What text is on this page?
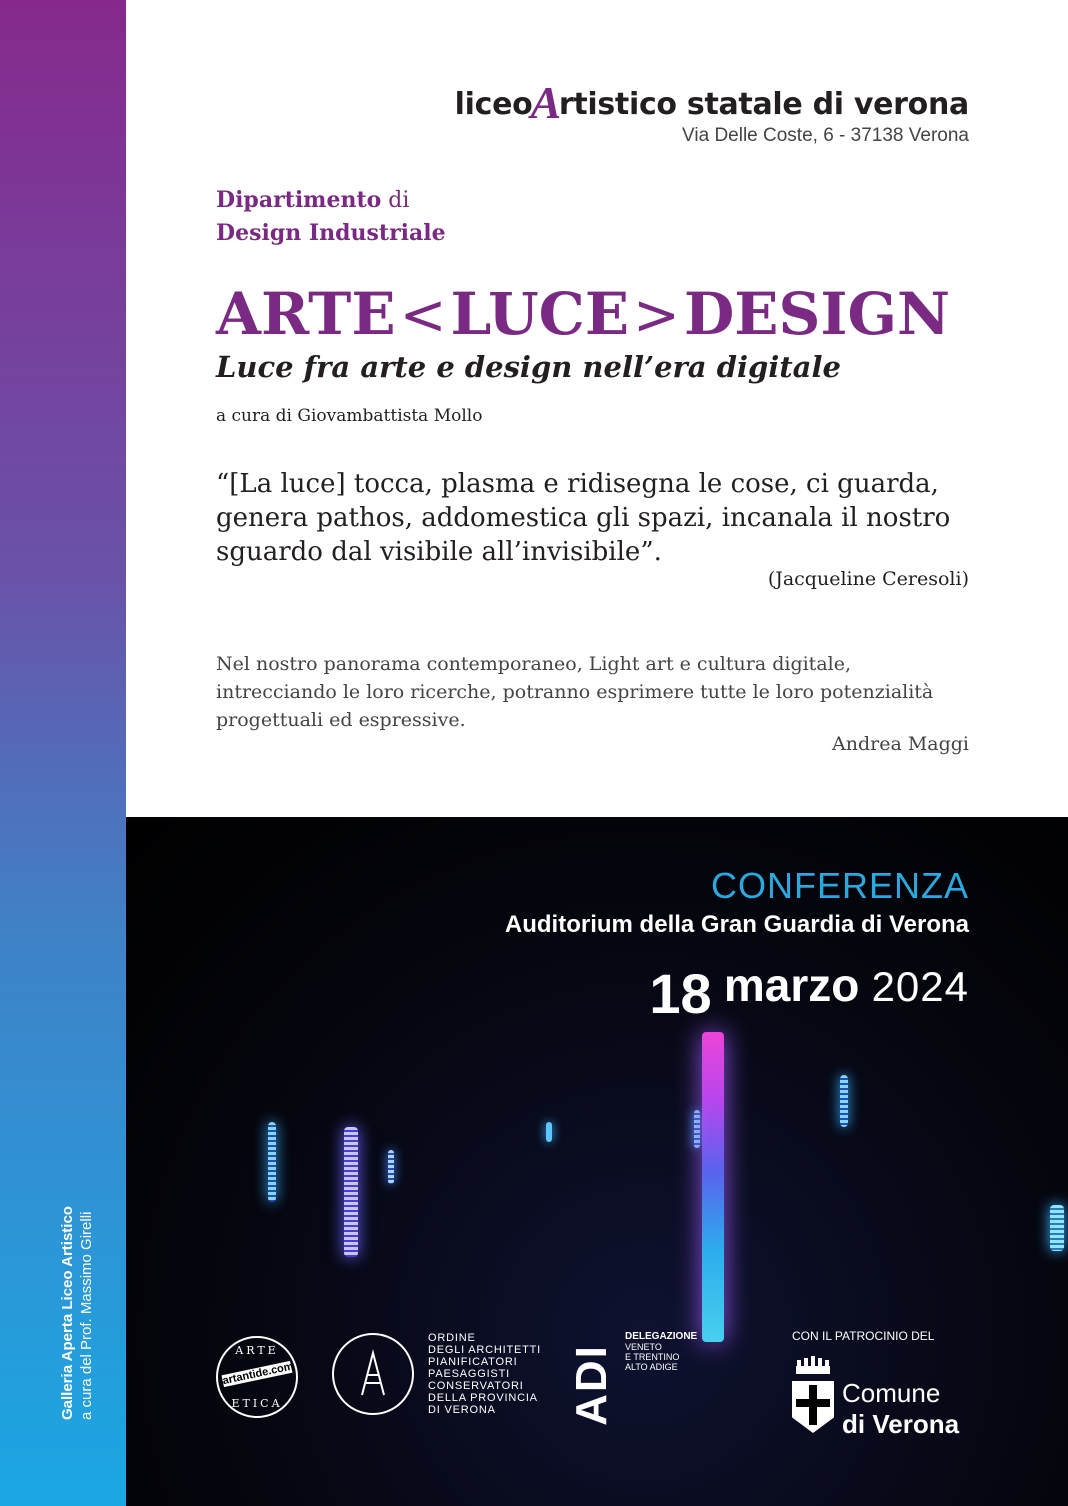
Galleria Aperta Liceo Artistico a cura del Prof. Massimo Girelli
liceoArtistico statale di verona
Via Delle Coste, 6 - 37138 Verona
Dipartimento di
Design Industriale
ARTE<LUCE>DESIGN
Luce fra arte e design nell’era digitale
a cura di Giovambattista Mollo
“[La luce] tocca, plasma e ridisegna le cose, ci guarda, genera pathos, addomestica gli spazi, incanala il nostro sguardo dal visibile all’invisibile”.
(Jacqueline Ceresoli)
Nel nostro panorama contemporaneo, Light art e cultura digitale, intrecciando le loro ricerche, potranno esprimere tutte le loro potenzialità progettuali ed espressive.
Andrea Maggi
CONFERENZA
Auditorium della Gran Guardia di Verona
18 marzo 2024
ARTE
artantide.com
ETICA
ORDINE
DEGLI ARCHITETTI
PIANIFICATORI
PAESAGGISTI
CONSERVATORI
DELLA PROVINCIA
DI VERONA	ADI
DELEGAZIONE
VENETO
E TRENTINO
ALTO ADIGE
CON IL PATROCINIO DEL
Comune
di Verona
